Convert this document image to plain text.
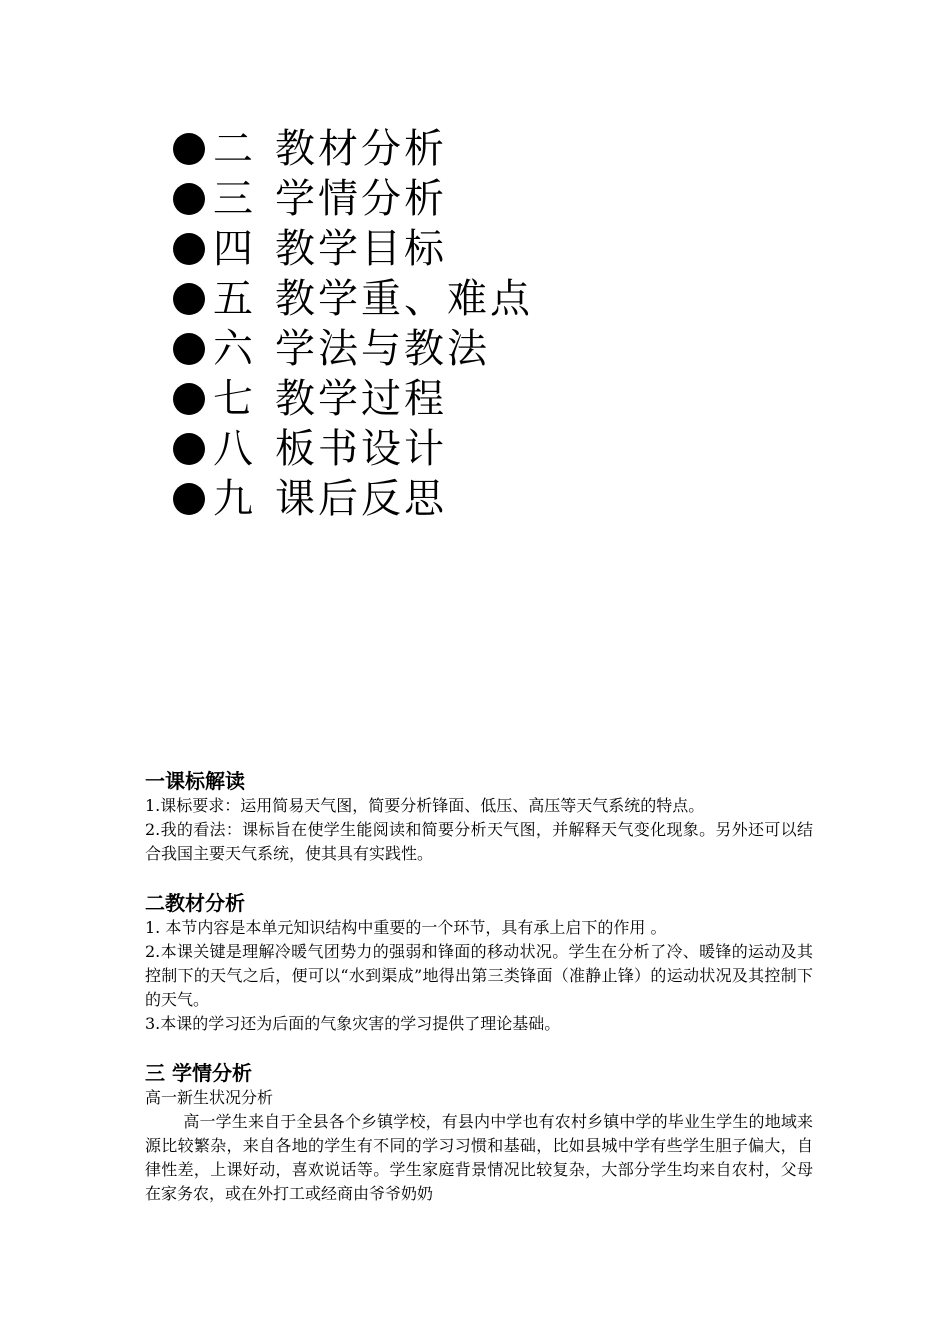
二 教材分析
三 学情分析
四 教学目标
五 教学重、难点
六 学法与教法
七 教学过程
八 板书设计
九 课后反思
一课标解读

1.课标要求：运用简易天气图，简要分析锋面、低压、高压等天气系统的特点。

2.我的看法：课标旨在使学生能阅读和简要分析天气图，并解释天气变化现象。另外还可以结合我国主要天气系统，使其具有实践性。

二教材分析

1. 本节内容是本单元知识结构中重要的一个环节，具有承上启下的作用 。

2.本课关键是理解冷暖气团势力的强弱和锋面的移动状况。学生在分析了冷、暖锋的运动及其控制下的天气之后，便可以“水到渠成”地得出第三类锋面（准静止锋）的运动状况及其控制下的天气。

3.本课的学习还为后面的气象灾害的学习提供了理论基础。

三 学情分析

高一新生状况分析

高一学生来自于全县各个乡镇学校，有县内中学也有农村乡镇中学的毕业生学生的地域来源比较繁杂，来自各地的学生有不同的学习习惯和基础，比如县城中学有些学生胆子偏大，自律性差，上课好动，喜欢说话等。学生家庭背景情况比较复杂，大部分学生均来自农村，父母在家务农，或在外打工或经商由爷爷奶奶
